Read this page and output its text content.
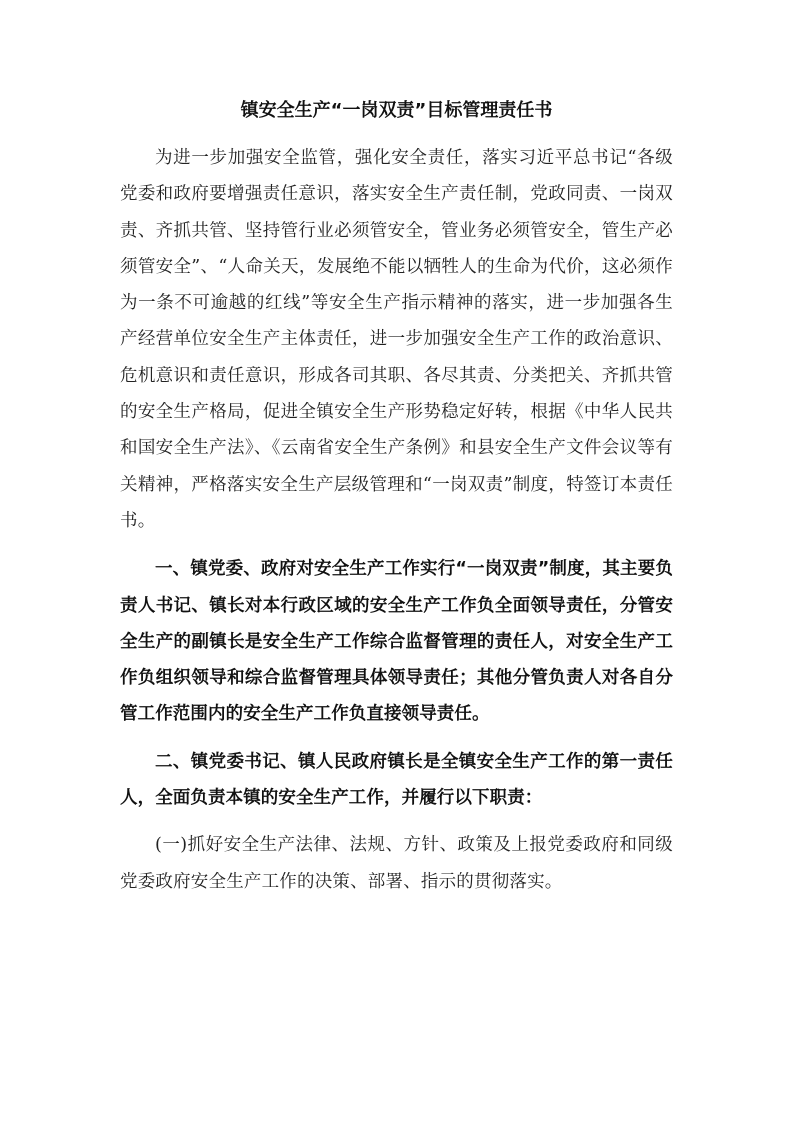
镇安全生产“一岗双责”目标管理责任书

为进一步加强安全监管，强化安全责任，落实习近平总书记“各级党委和政府要增强责任意识，落实安全生产责任制，党政同责、一岗双责、齐抓共管、坚持管行业必须管安全，管业务必须管安全，管生产必须管安全”、“人命关天，发展绝不能以牺牲人的生命为代价，这必须作为一条不可逾越的红线”等安全生产指示精神的落实，进一步加强各生产经营单位安全生产主体责任，进一步加强安全生产工作的政治意识、危机意识和责任意识，形成各司其职、各尽其责、分类把关、齐抓共管的安全生产格局，促进全镇安全生产形势稳定好转，根据《中华人民共和国安全生产法》、《云南省安全生产条例》和县安全生产文件会议等有关精神，严格落实安全生产层级管理和“一岗双责”制度，特签订本责任书。

一、镇党委、政府对安全生产工作实行“一岗双责”制度，其主要负责人书记、镇长对本行政区域的安全生产工作负全面领导责任，分管安全生产的副镇长是安全生产工作综合监督管理的责任人，对安全生产工作负组织领导和综合监督管理具体领导责任；其他分管负责人对各自分管工作范围内的安全生产工作负直接领导责任。

二、镇党委书记、镇人民政府镇长是全镇安全生产工作的第一责任人，全面负责本镇的安全生产工作，并履行以下职责：

(一)抓好安全生产法律、法规、方针、政策及上报党委政府和同级党委政府安全生产工作的决策、部署、指示的贯彻落实。
